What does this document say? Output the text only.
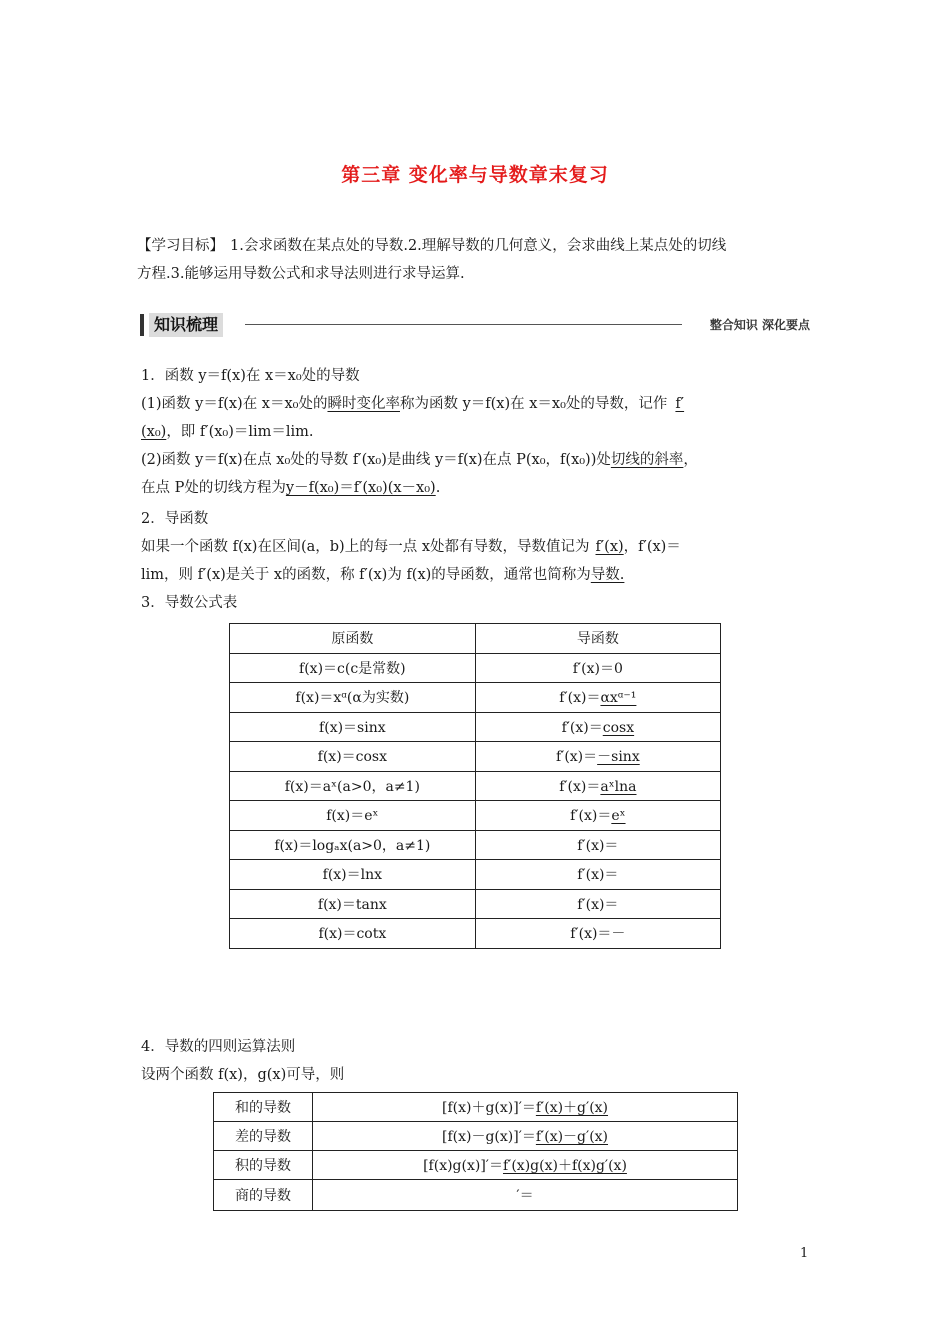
第三章 变化率与导数章末复习
【学习目标】 1.会求函数在某点处的导数.2.理解导数的几何意义，会求曲线上某点处的切线
方程.3.能够运用导数公式和求导法则进行求导运算.
知识梳理	整合知识 深化要点
1．函数 y＝f(x)在 x＝x₀处的导数
(1)函数 y＝f(x)在 x＝x₀处的瞬时变化率称为函数 y＝f(x)在 x＝x₀处的导数，记作 f′
(x₀)，即 f′(x₀)＝lim＝lim.
(2)函数 y＝f(x)在点 x₀处的导数 f′(x₀)是曲线 y＝f(x)在点 P(x₀，f(x₀))处切线的斜率，
在点 P处的切线方程为y－f(x₀)＝f′(x₀)(x－x₀).
2．导函数
如果一个函数 f(x)在区间(a，b)上的每一点 x处都有导数，导数值记为 f′(x)，f′(x)＝
lim，则 f′(x)是关于 x的函数，称 f′(x)为 f(x)的导函数，通常也简称为导数.
3．导数公式表
原函数	导函数
f(x)＝c(c是常数)	f′(x)＝0
f(x)＝xᵅ(α为实数)	f′(x)＝αxᵅ⁻¹
f(x)＝sinx	f′(x)＝cosx
f(x)＝cosx	f′(x)＝－sinx
f(x)＝aˣ(a>0，a≠1)	f′(x)＝aˣlna
f(x)＝eˣ	f′(x)＝eˣ
f(x)＝logₐx(a>0，a≠1)	f′(x)＝
f(x)＝lnx	f′(x)＝
f(x)＝tanx	f′(x)＝
f(x)＝cotx	f′(x)＝－
4．导数的四则运算法则
设两个函数 f(x)，g(x)可导，则
和的导数	[f(x)＋g(x)]′＝f′(x)＋g′(x)
差的导数	[f(x)－g(x)]′＝f′(x)－g′(x)
积的导数	[f(x)g(x)]′＝f′(x)g(x)＋f(x)g′(x)
商的导数	′＝
1
